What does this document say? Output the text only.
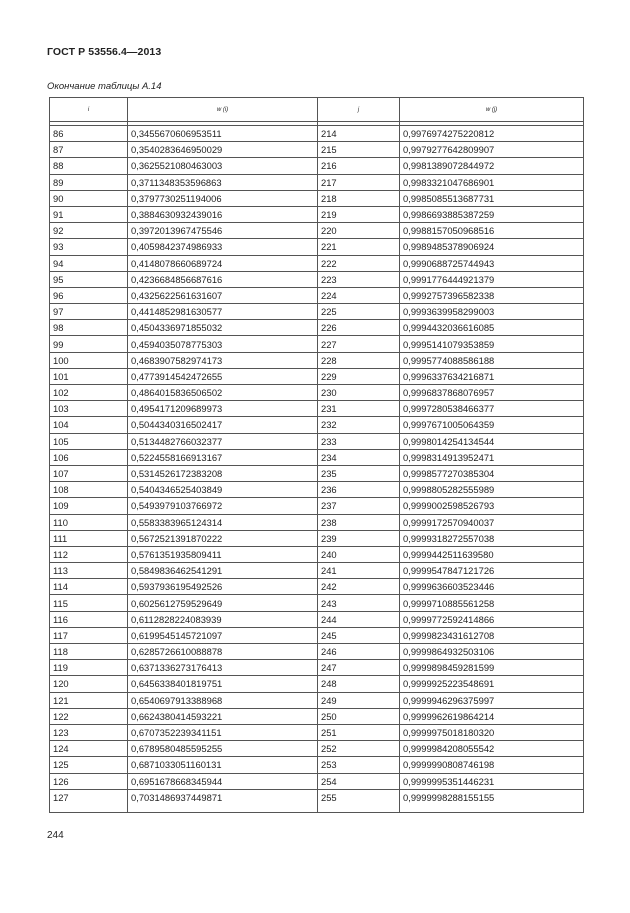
ГОСТ Р 53556.4—2013
Окончание таблицы А.14
i	w (i)	j	w (j)

86	0,3455670606953511	214	0,9976974275220812
87	0,3540283646950029	215	0,9979277642809907
88	0,3625521080463003	216	0,9981389072844972
89	0,3711348353596863	217	0,9983321047686901
90	0,3797730251194006	218	0,9985085513687731
91	0,3884630932439016	219	0,9986693885387259
92	0,3972013967475546	220	0,9988157050968516
93	0,4059842374986933	221	0,9989485378906924
94	0,4148078660689724	222	0,9990688725744943
95	0,4236684856687616	223	0,9991776444921379
96	0,4325622561631607	224	0,9992757396582338
97	0,4414852981630577	225	0,9993639958299003
98	0,4504336971855032	226	0,9994432036616085
99	0,4594035078775303	227	0,9995141079353859
100	0,4683907582974173	228	0,9995774088586188
101	0,4773914542472655	229	0,9996337634216871
102	0,4864015836506502	230	0,9996837868076957
103	0,4954171209689973	231	0,9997280538466377
104	0,5044340316502417	232	0,9997671005064359
105	0,5134482766032377	233	0,9998014254134544
106	0,5224558166913167	234	0,9998314913952471
107	0,5314526172383208	235	0,9998577270385304
108	0,5404346525403849	236	0,9998805282555989
109	0,5493979103766972	237	0,9999002598526793
110	0,5583383965124314	238	0,9999172570940037
111	0,5672521391870222	239	0,9999318272557038
112	0,5761351935809411	240	0,9999442511639580
113	0,5849836462541291	241	0,9999547847121726
114	0,5937936195492526	242	0,9999636603523446
115	0,6025612759529649	243	0,9999710885561258
116	0,6112828224083939	244	0,9999772592414866
117	0,6199545145721097	245	0,9999823431612708
118	0,6285726610088878	246	0,9999864932503106
119	0,6371336273176413	247	0,9999898459281599
120	0,6456338401819751	248	0,9999925223548691
121	0,6540697913388968	249	0,9999946296375997
122	0,6624380414593221	250	0,9999962619864214
123	0,6707352239341151	251	0,9999975018180320
124	0,6789580485595255	252	0,9999984208055542
125	0,6871033051160131	253	0,9999990808746198
126	0,6951678668345944	254	0,9999995351446231
127	0,7031486937449871	255	0,9999998288155155

244
